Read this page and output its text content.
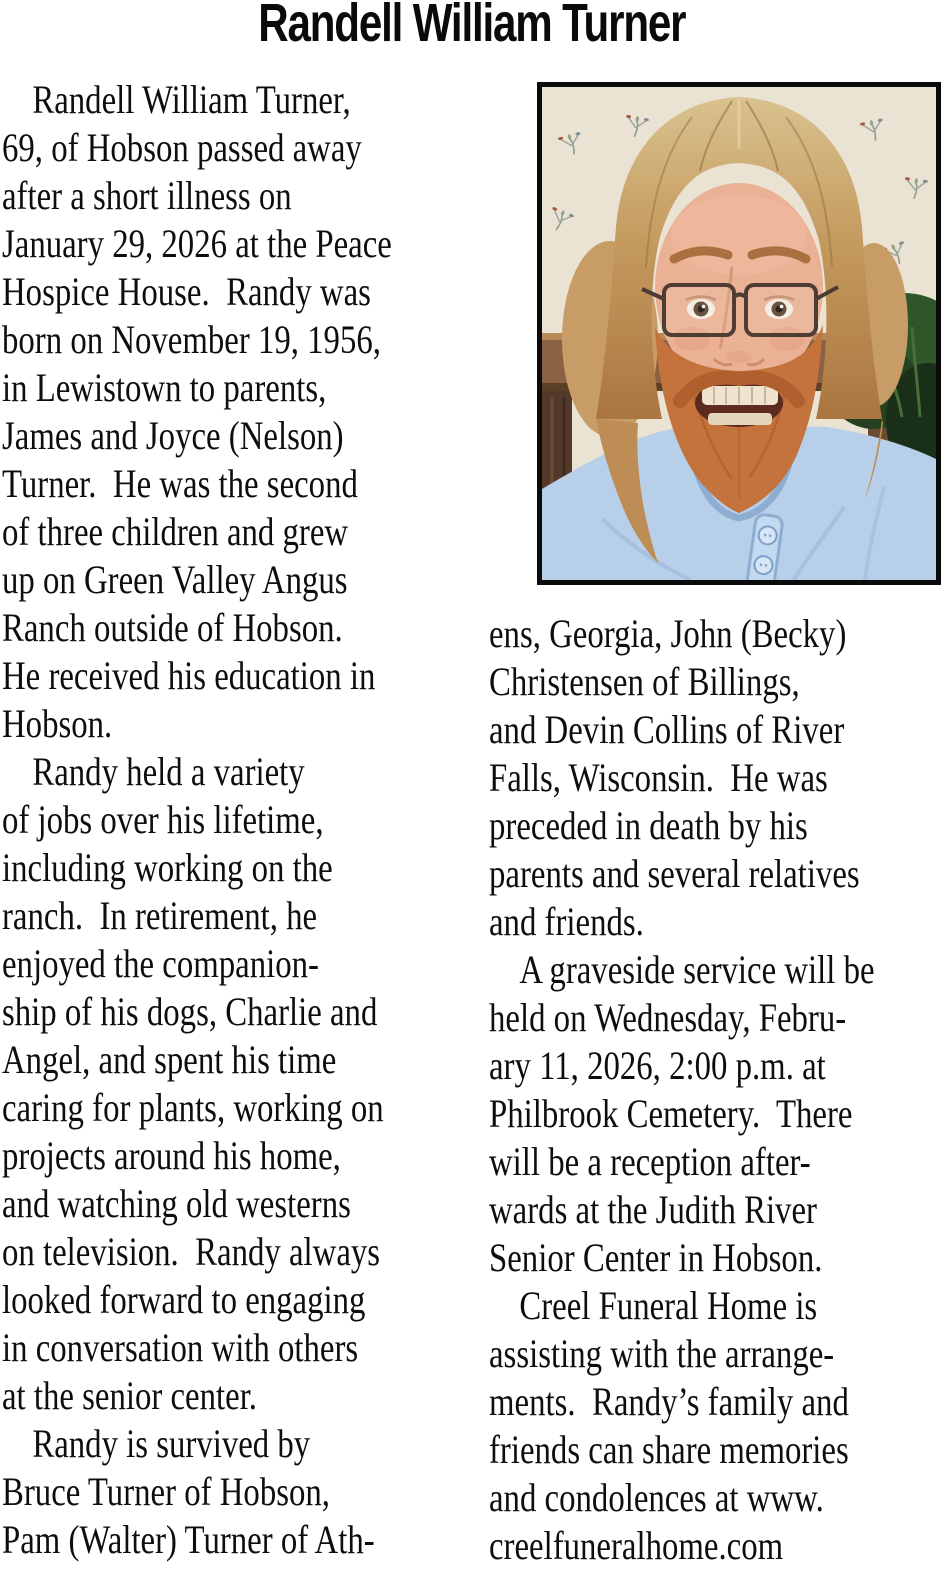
Randell William Turner
Randell William Turner,
69, of Hobson passed away
after a short illness on
January 29, 2026 at the Peace
Hospice House.  Randy was
born on November 19, 1956,
in Lewistown to parents,
James and Joyce (Nelson)
Turner.  He was the second
of three children and grew
up on Green Valley Angus
Ranch outside of Hobson.
He received his education in
Hobson.
Randy held a variety
of jobs over his lifetime,
including working on the
ranch.  In retirement, he
enjoyed the companion-
ship of his dogs, Charlie and
Angel, and spent his time
caring for plants, working on
projects around his home,
and watching old westerns
on television.  Randy always
looked forward to engaging
in conversation with others
at the senior center.
Randy is survived by
Bruce Turner of Hobson,
Pam (Walter) Turner of Ath-
ens, Georgia, John (Becky)
Christensen of Billings,
and Devin Collins of River
Falls, Wisconsin.  He was
preceded in death by his
parents and several relatives
and friends.
A graveside service will be
held on Wednesday, Febru-
ary 11, 2026, 2:00 p.m. at
Philbrook Cemetery.  There
will be a reception after-
wards at the Judith River
Senior Center in Hobson.
Creel Funeral Home is
assisting with the arrange-
ments.  Randy’s family and
friends can share memories
and condolences at www.
creelfuneralhome.com
